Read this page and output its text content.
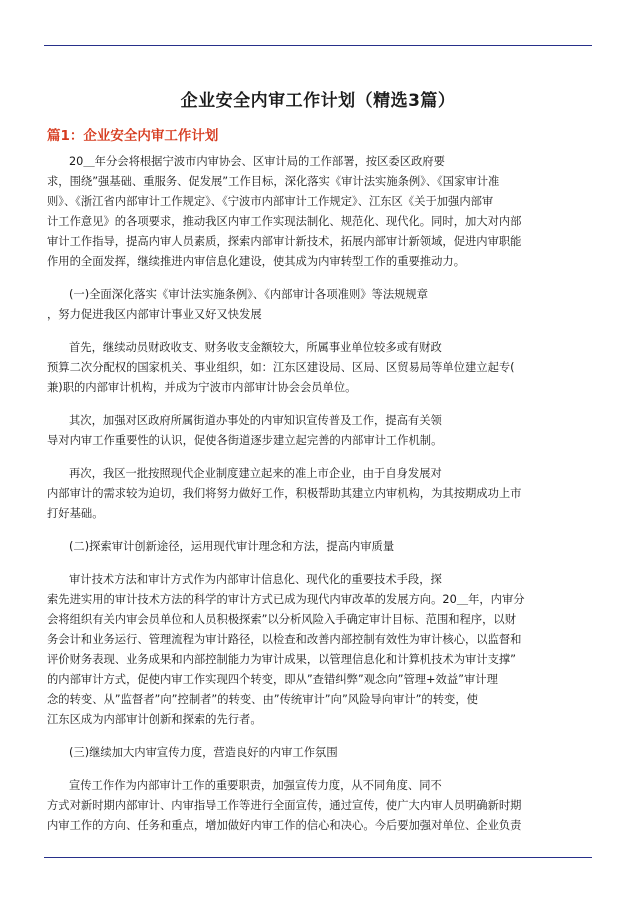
企业安全内审工作计划（精选3篇）
篇1：企业安全内审工作计划
20＿年分会将根据宁波市内审协会、区审计局的工作部署，按区委区政府要
求，围绕”强基础、重服务、促发展”工作目标，深化落实《审计法实施条例》、《国家审计准
则》、《浙江省内部审计工作规定》、《宁波市内部审计工作规定》、江东区《关于加强内部审
计工作意见》的各项要求，推动我区内审工作实现法制化、规范化、现代化。同时，加大对内部
审计工作指导，提高内审人员素质，探索内部审计新技术，拓展内部审计新领域，促进内审职能
作用的全面发挥，继续推进内审信息化建设，使其成为内审转型工作的重要推动力。
(一)全面深化落实《审计法实施条例》、《内部审计各项准则》等法规规章
，努力促进我区内部审计事业又好又快发展
首先，继续动员财政收支、财务收支金额较大，所属事业单位较多或有财政
预算二次分配权的国家机关、事业组织，如：江东区建设局、区局、区贸易局等单位建立起专(
兼)职的内部审计机构，并成为宁波市内部审计协会会员单位。
其次，加强对区政府所属街道办事处的内审知识宣传普及工作，提高有关领
导对内审工作重要性的认识，促使各街道逐步建立起完善的内部审计工作机制。
再次，我区一批按照现代企业制度建立起来的准上市企业，由于自身发展对
内部审计的需求较为迫切，我们将努力做好工作，积极帮助其建立内审机构，为其按期成功上市
打好基础。
(二)探索审计创新途径，运用现代审计理念和方法，提高内审质量
审计技术方法和审计方式作为内部审计信息化、现代化的重要技术手段，探
索先进实用的审计技术方法的科学的审计方式已成为现代内审改革的发展方向。20＿年，内审分
会将组织有关内审会员单位和人员积极探索”以分析风险入手确定审计目标、范围和程序，以财
务会计和业务运行、管理流程为审计路径，以检查和改善内部控制有效性为审计核心，以监督和
评价财务表现、业务成果和内部控制能力为审计成果，以管理信息化和计算机技术为审计支撑”
的内部审计方式，促使内审工作实现四个转变，即从”查错纠弊”观念向”管理+效益”审计理
念的转变、从”监督者”向”控制者”的转变、由”传统审计”向”风险导向审计”的转变，使
江东区成为内部审计创新和探索的先行者。
(三)继续加大内审宣传力度，营造良好的内审工作氛围
宣传工作作为内部审计工作的重要职责，加强宣传力度，从不同角度、同不
方式对新时期内部审计、内审指导工作等进行全面宣传，通过宣传，使广大内审人员明确新时期
内审工作的方向、任务和重点，增加做好内审工作的信心和决心。今后要加强对单位、企业负责
